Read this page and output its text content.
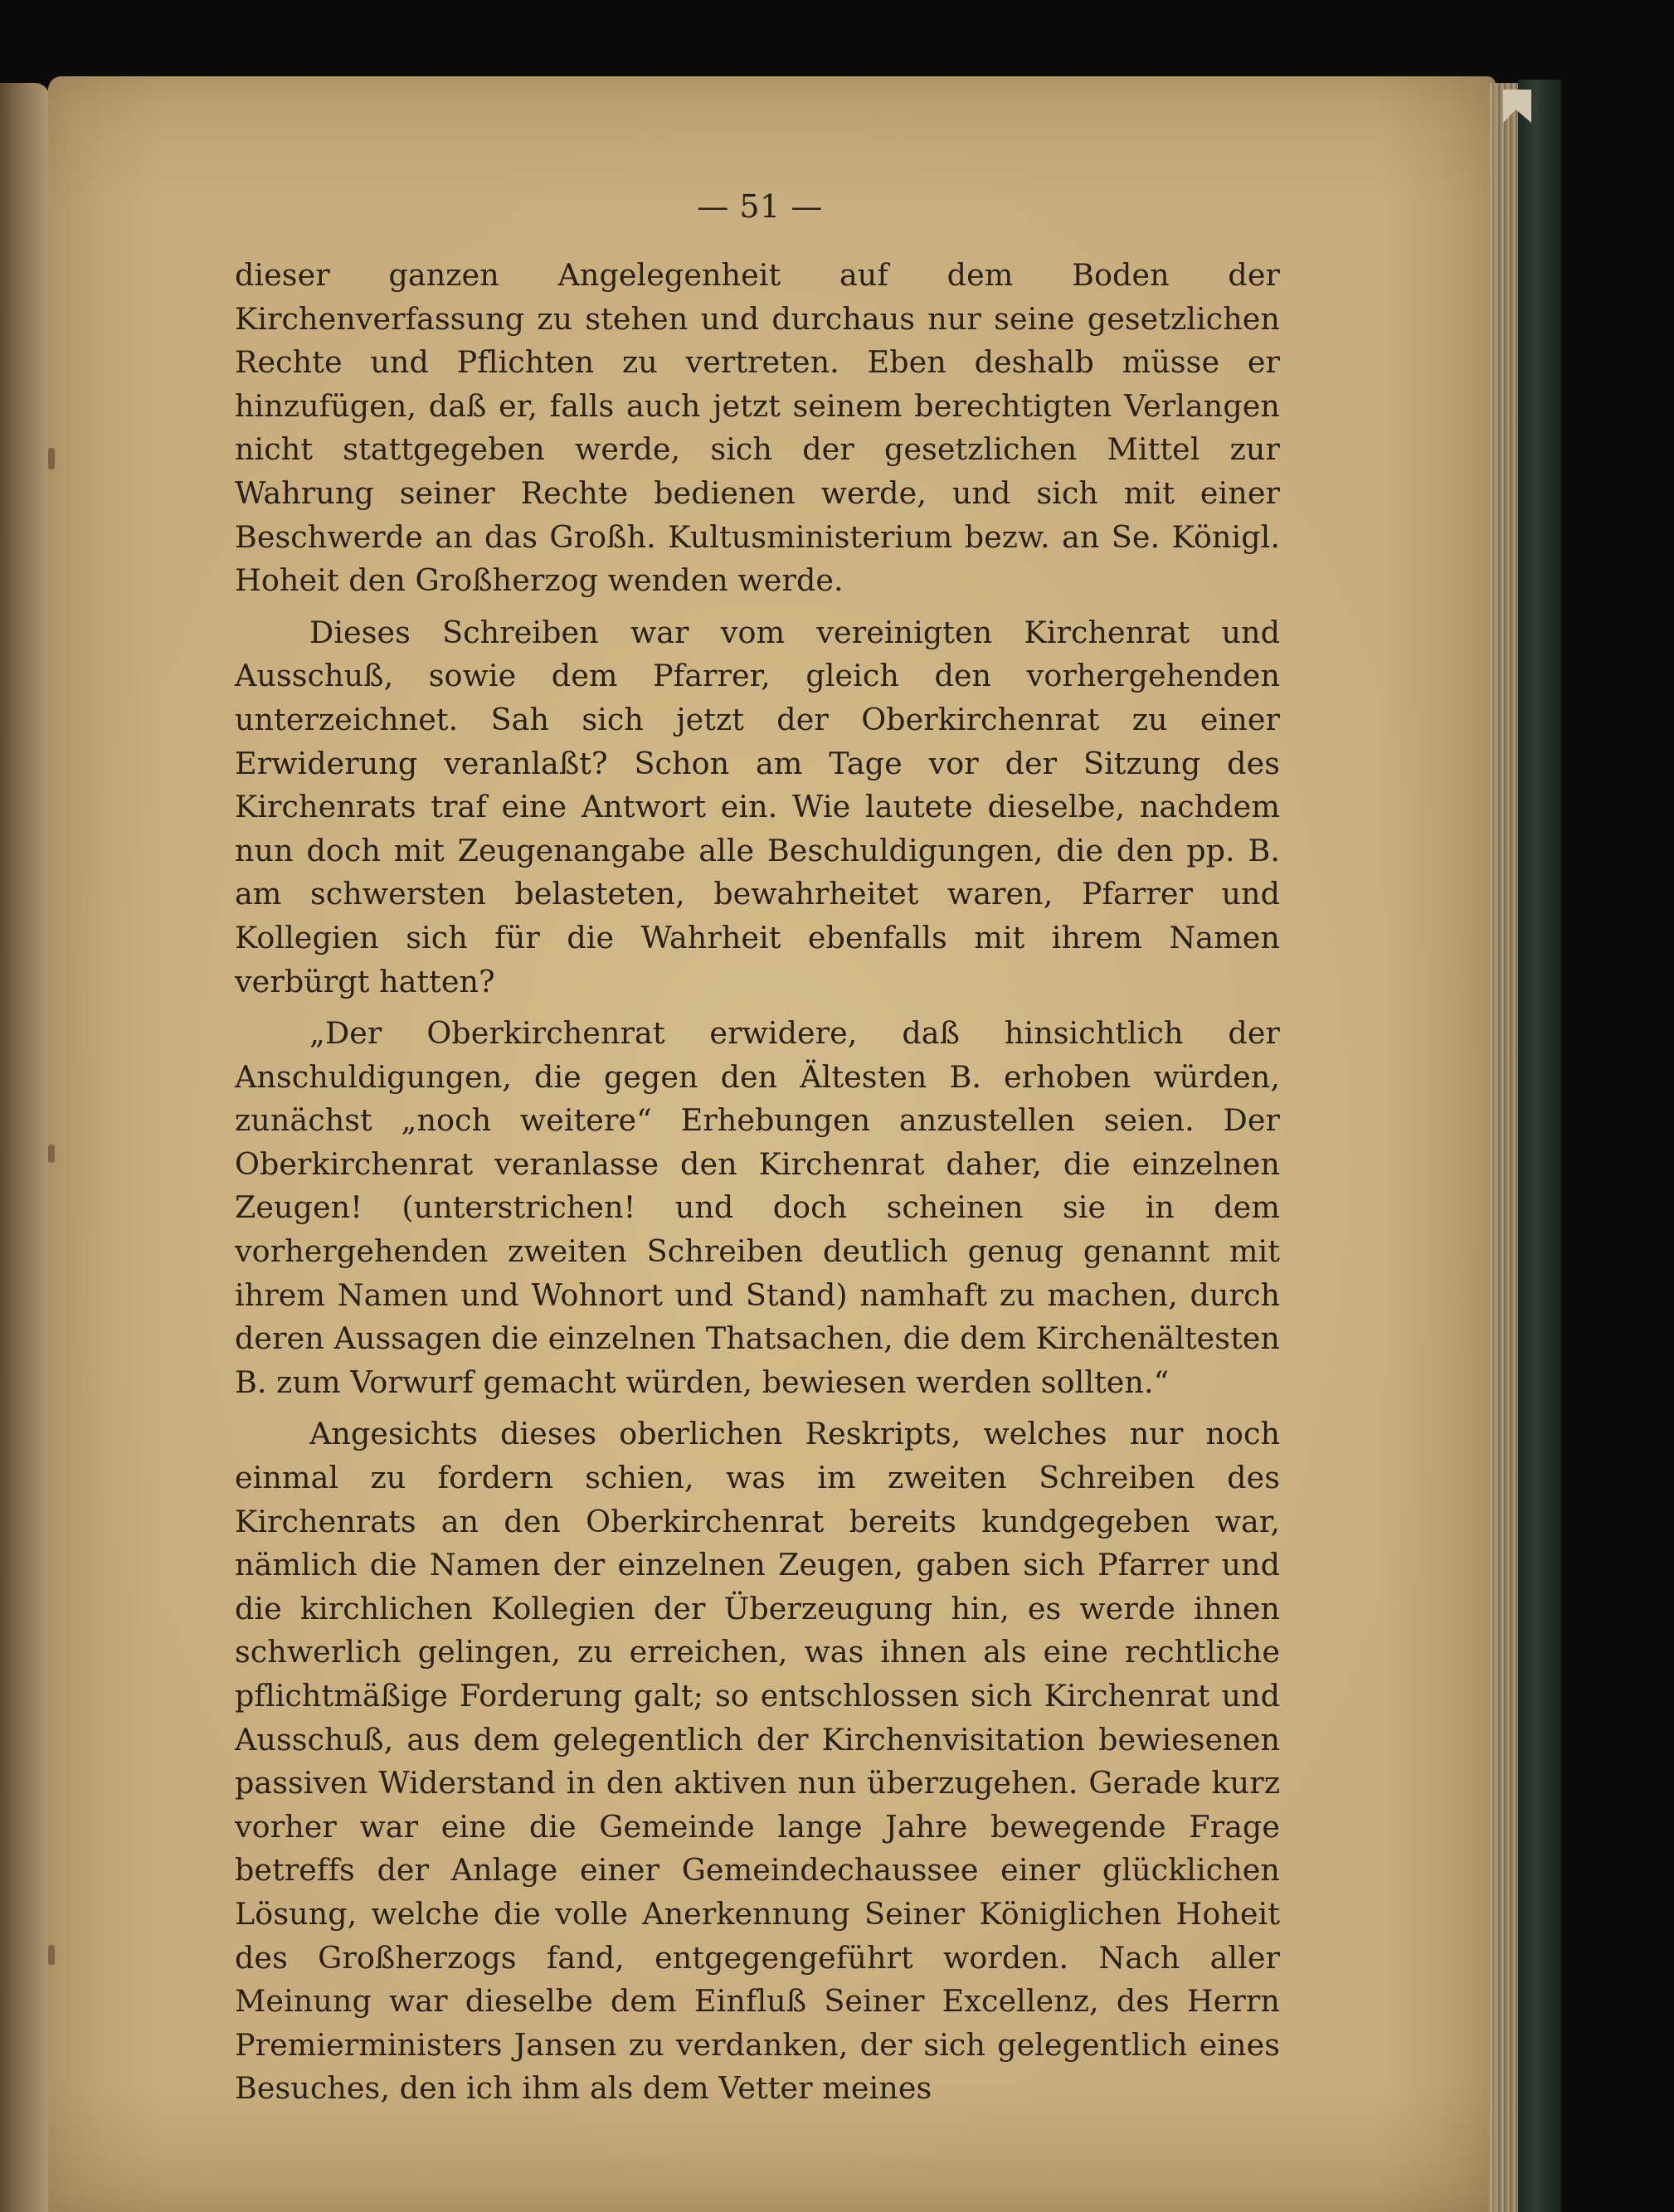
— 51 —

dieser ganzen Angelegenheit auf dem Boden der Kirchenverfassung zu stehen und durchaus nur seine gesetzlichen Rechte und Pflichten zu vertreten. Eben deshalb müsse er hinzufügen, daß er, falls auch jetzt seinem berechtigten Verlangen nicht stattgegeben werde, sich der gesetzlichen Mittel zur Wahrung seiner Rechte bedienen werde, und sich mit einer Beschwerde an das Großh. Kultusministerium bezw. an Se. Königl. Hoheit den Großherzog wenden werde.

Dieses Schreiben war vom vereinigten Kirchenrat und Ausschuß, sowie dem Pfarrer, gleich den vorhergehenden unterzeichnet. Sah sich jetzt der Oberkirchenrat zu einer Erwiderung veranlaßt? Schon am Tage vor der Sitzung des Kirchenrats traf eine Antwort ein. Wie lautete dieselbe, nachdem nun doch mit Zeugenangabe alle Beschuldigungen, die den pp. B. am schwersten belasteten, bewahrheitet waren, Pfarrer und Kollegien sich für die Wahrheit ebenfalls mit ihrem Namen verbürgt hatten?

„Der Oberkirchenrat erwidere, daß hinsichtlich der Anschuldigungen, die gegen den Ältesten B. erhoben würden, zunächst „noch weitere“ Erhebungen anzustellen seien. Der Oberkirchenrat veranlasse den Kirchenrat daher, die einzelnen Zeugen! (unterstrichen! und doch scheinen sie in dem vorhergehenden zweiten Schreiben deutlich genug genannt mit ihrem Namen und Wohnort und Stand) namhaft zu machen, durch deren Aussagen die einzelnen Thatsachen, die dem Kirchenältesten B. zum Vorwurf gemacht würden, bewiesen werden sollten.“

Angesichts dieses oberlichen Reskripts, welches nur noch einmal zu fordern schien, was im zweiten Schreiben des Kirchenrats an den Oberkirchenrat bereits kundgegeben war, nämlich die Namen der einzelnen Zeugen, gaben sich Pfarrer und die kirchlichen Kollegien der Überzeugung hin, es werde ihnen schwerlich gelingen, zu erreichen, was ihnen als eine rechtliche pflichtmäßige Forderung galt; so entschlossen sich Kirchenrat und Ausschuß, aus dem gelegentlich der Kirchenvisitation bewiesenen passiven Widerstand in den aktiven nun überzugehen. Gerade kurz vorher war eine die Gemeinde lange Jahre bewegende Frage betreffs der Anlage einer Gemeindechaussee einer glücklichen Lösung, welche die volle Anerkennung Seiner Königlichen Hoheit des Großherzogs fand, entgegengeführt worden. Nach aller Meinung war dieselbe dem Einfluß Seiner Excellenz, des Herrn Premierministers Jansen zu verdanken, der sich gelegentlich eines Besuches, den ich ihm als dem Vetter meines
